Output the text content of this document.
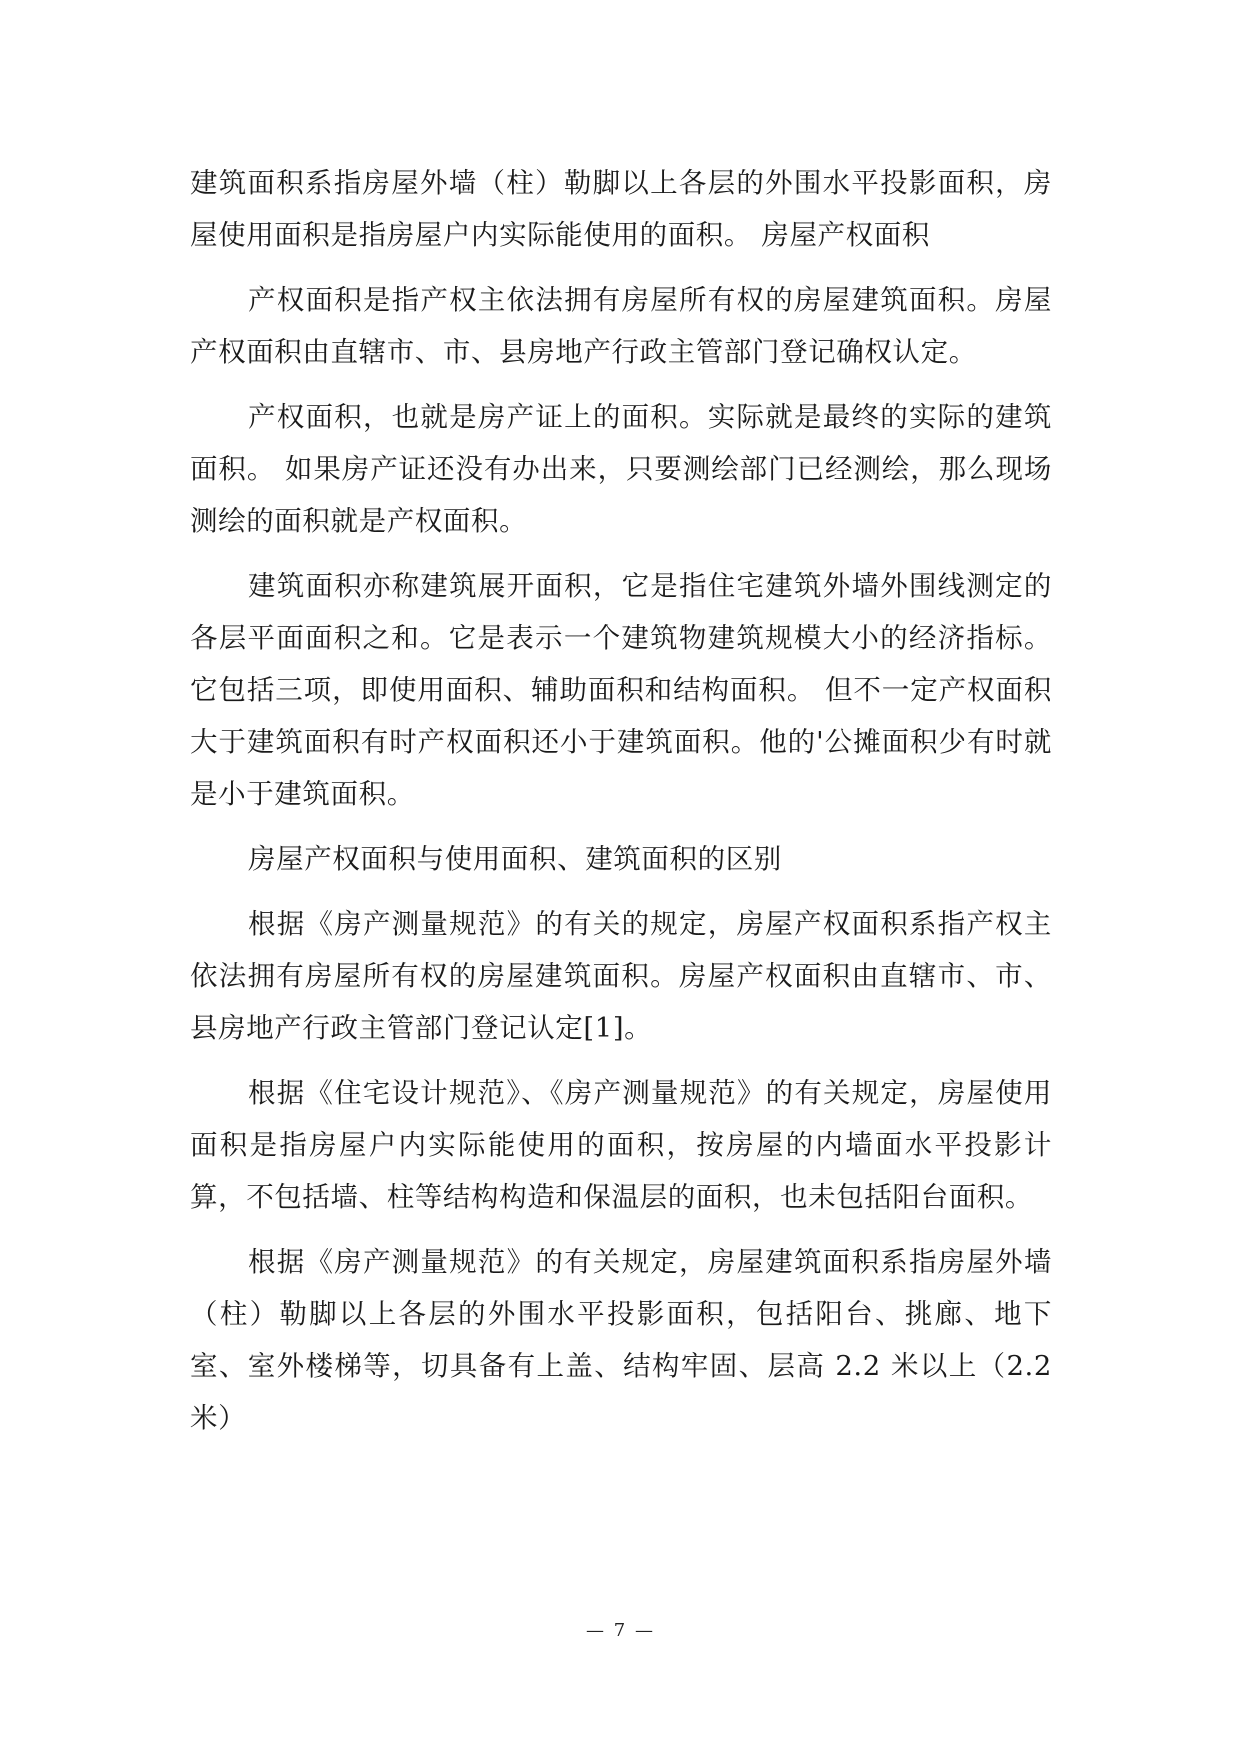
建筑面积系指房屋外墙（柱）勒脚以上各层的外围水平投影面积，房屋使用面积是指房屋户内实际能使用的面积。 房屋产权面积

产权面积是指产权主依法拥有房屋所有权的房屋建筑面积。房屋产权面积由直辖市、市、县房地产行政主管部门登记确权认定。

产权面积，也就是房产证上的面积。实际就是最终的实际的建筑面积。 如果房产证还没有办出来，只要测绘部门已经测绘，那么现场测绘的面积就是产权面积。

建筑面积亦称建筑展开面积，它是指住宅建筑外墙外围线测定的各层平面面积之和。它是表示一个建筑物建筑规模大小的经济指标。它包括三项，即使用面积、辅助面积和结构面积。 但不一定产权面积大于建筑面积有时产权面积还小于建筑面积。他的'公摊面积少有时就是小于建筑面积。

房屋产权面积与使用面积、建筑面积的区别

根据《房产测量规范》的有关的规定，房屋产权面积系指产权主依法拥有房屋所有权的房屋建筑面积。房屋产权面积由直辖市、市、县房地产行政主管部门登记认定[1]。

根据《住宅设计规范》、《房产测量规范》的有关规定，房屋使用面积是指房屋户内实际能使用的面积，按房屋的内墙面水平投影计算，不包括墙、柱等结构构造和保温层的面积，也未包括阳台面积。

根据《房产测量规范》的有关规定，房屋建筑面积系指房屋外墙（柱）勒脚以上各层的外围水平投影面积，包括阳台、挑廊、地下室、室外楼梯等，切具备有上盖、结构牢固、层高 2.2 米以上（2.2 米）

— 7 —
